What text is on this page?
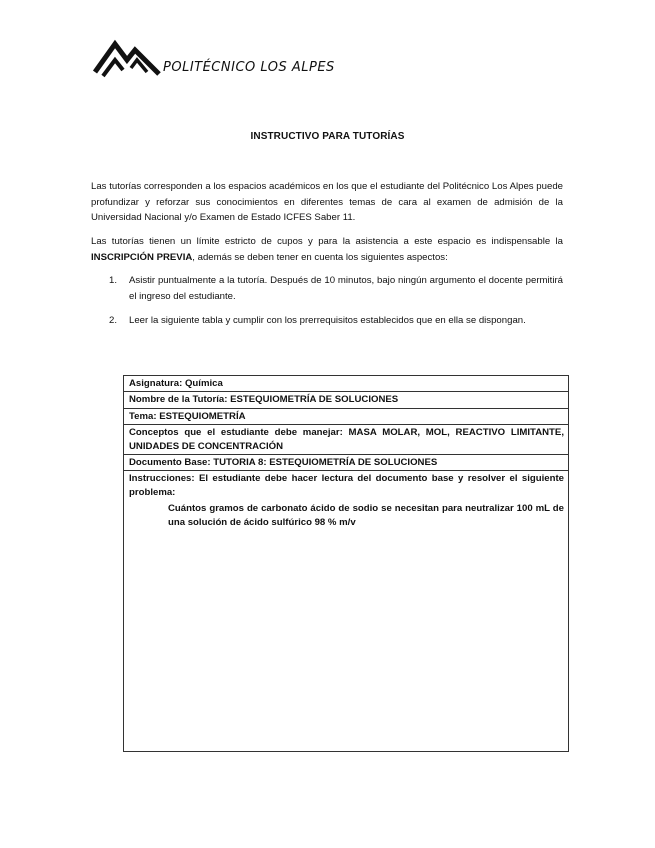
POLITÉCNICO LOS ALPES
INSTRUCTIVO PARA TUTORÍAS

Las tutorías corresponden a los espacios académicos en los que el estudiante del Politécnico Los Alpes puede profundizar y reforzar sus conocimientos en diferentes temas de cara al examen de admisión de la Universidad Nacional y/o Examen de Estado ICFES Saber 11.

Las tutorías tienen un límite estricto de cupos y para la asistencia a este espacio es indispensable la INSCRIPCIÓN PREVIA, además se deben tener en cuenta los siguientes aspectos:

1. Asistir puntualmente a la tutoría. Después de 10 minutos, bajo ningún argumento el docente permitirá el ingreso del estudiante.

2. Leer la siguiente tabla y cumplir con los prerrequisitos establecidos que en ella se dispongan.

Asignatura: Química
Nombre de la Tutoría: ESTEQUIOMETRÍA DE SOLUCIONES
Tema: ESTEQUIOMETRÍA
Conceptos que el estudiante debe manejar: MASA MOLAR, MOL, REACTIVO LIMITANTE, UNIDADES DE CONCENTRACIÓN
Documento Base: TUTORIA 8: ESTEQUIOMETRÍA DE SOLUCIONES
Instrucciones: El estudiante debe hacer lectura del documento base y resolver el siguiente problema:
Cuántos gramos de carbonato ácido de sodio se necesitan para neutralizar 100 mL de una solución de ácido sulfúrico 98 % m/v
